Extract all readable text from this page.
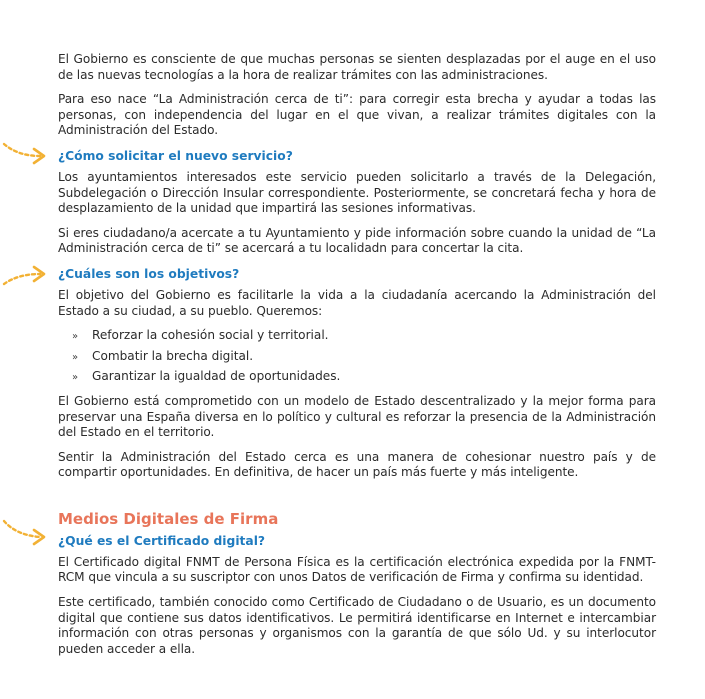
El Gobierno es consciente de que muchas personas se sienten desplazadas por el auge en el uso de las nuevas tecnologías a la hora de realizar trámites con las administraciones.

Para eso nace “La Administración cerca de ti”: para corregir esta brecha y ayudar a todas las personas, con independencia del lugar en el que vivan, a realizar trámites digitales con la Administración del Estado.

¿Cómo solicitar el nuevo servicio?

Los ayuntamientos interesados este servicio pueden solicitarlo a través de la Delegación, Subdelegación o Dirección Insular correspondiente. Posteriormente, se concretará fecha y hora de desplazamiento de la unidad que impartirá las sesiones informativas.

Si eres ciudadano/a acercate a tu Ayuntamiento y pide información sobre cuando la unidad de “La Administración cerca de ti” se acercará a tu localidadn para concertar la cita.

¿Cuáles son los objetivos?

El objetivo del Gobierno es facilitarle la vida a la ciudadanía acercando la Administración del Estado a su ciudad, a su pueblo. Queremos:

»	Reforzar la cohesión social y territorial.
»	Combatir la brecha digital.
»	Garantizar la igualdad de oportunidades.

El Gobierno está comprometido con un modelo de Estado descentralizado y la mejor forma para preservar una España diversa en lo político y cultural es reforzar la presencia de la Administración del Estado en el territorio.

Sentir la Administración del Estado cerca es una manera de cohesionar nuestro país y de compartir oportunidades. En definitiva, de hacer un país más fuerte y más inteligente.

Medios Digitales de Firma
¿Qué es el Certificado digital?

El Certificado digital FNMT de Persona Física es la certificación electrónica expedida por la FNMT-RCM que vincula a su suscriptor con unos Datos de verificación de Firma y confirma su identidad.

Este certificado, también conocido como Certificado de Ciudadano o de Usuario, es un documento digital que contiene sus datos identificativos. Le permitirá identificarse en Internet e intercambiar información con otras personas y organismos con la garantía de que sólo Ud. y su interlocutor pueden acceder a ella.
